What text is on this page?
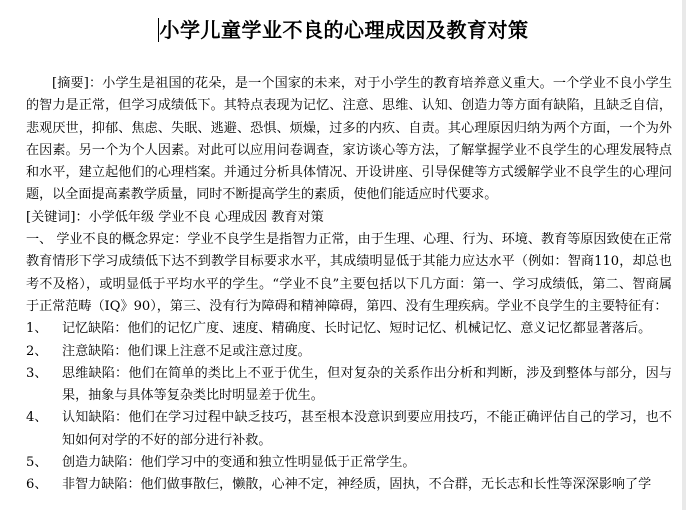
小学儿童学业不良的心理成因及教育对策

[摘要]：小学生是祖国的花朵，是一个国家的未来，对于小学生的教育培养意义重大。一个学业不良小学生的智力是正常，但学习成绩低下。其特点表现为记忆、注意、思维、认知、创造力等方面有缺陷，且缺乏自信，悲观厌世，抑郁、焦虑、失眠、逃避、恐惧、烦燥，过多的内疚、自责。其心理原因归纳为两个方面，一个为外在因素。另一个为个人因素。对此可以应用问卷调查，家访谈心等方法，了解掌握学业不良学生的心理发展特点和水平，建立起他们的心理档案。并通过分析具体情况、开设讲座、引导保健等方式缓解学业不良学生的心理问题，以全面提高素教学质量，同时不断提高学生的素质，使他们能适应时代要求。

[关键词]：小学低年级 学业不良 心理成因 教育对策

一、 学业不良的概念界定：学业不良学生是指智力正常，由于生理、心理、行为、环境、教育等原因致使在正常教育情形下学习成绩低下达不到教学目标要求水平，其成绩明显低于其能力应达水平（例如：智商110，却总也考不及格），或明显低于平均水平的学生。“学业不良”主要包括以下几方面：第一、学习成绩低，第二、智商属于正常范畴（IQ》90），第三、没有行为障碍和精神障碍，第四、没有生理疾病。学业不良学生的主要特征有：

1、	记忆缺陷：他们的记忆广度、速度、精确度、长时记忆、短时记忆、机械记忆、意义记忆都显著落后。
2、	注意缺陷：他们课上注意不足或注意过度。
3、	思维缺陷：他们在简单的类比上不亚于优生，但对复杂的关系作出分析和判断，涉及到整体与部分，因与果，抽象与具体等复杂类比时明显差于优生。
4、	认知缺陷：他们在学习过程中缺乏技巧，甚至根本没意识到要应用技巧，不能正确评估自己的学习，也不知如何对学的不好的部分进行补救。
5、	创造力缺陷：他们学习中的变通和独立性明显低于正常学生。
6、	非智力缺陷：他们做事散仨，懒散，心神不定，神经质，固执，不合群，无长志和长性等深深影响了学
